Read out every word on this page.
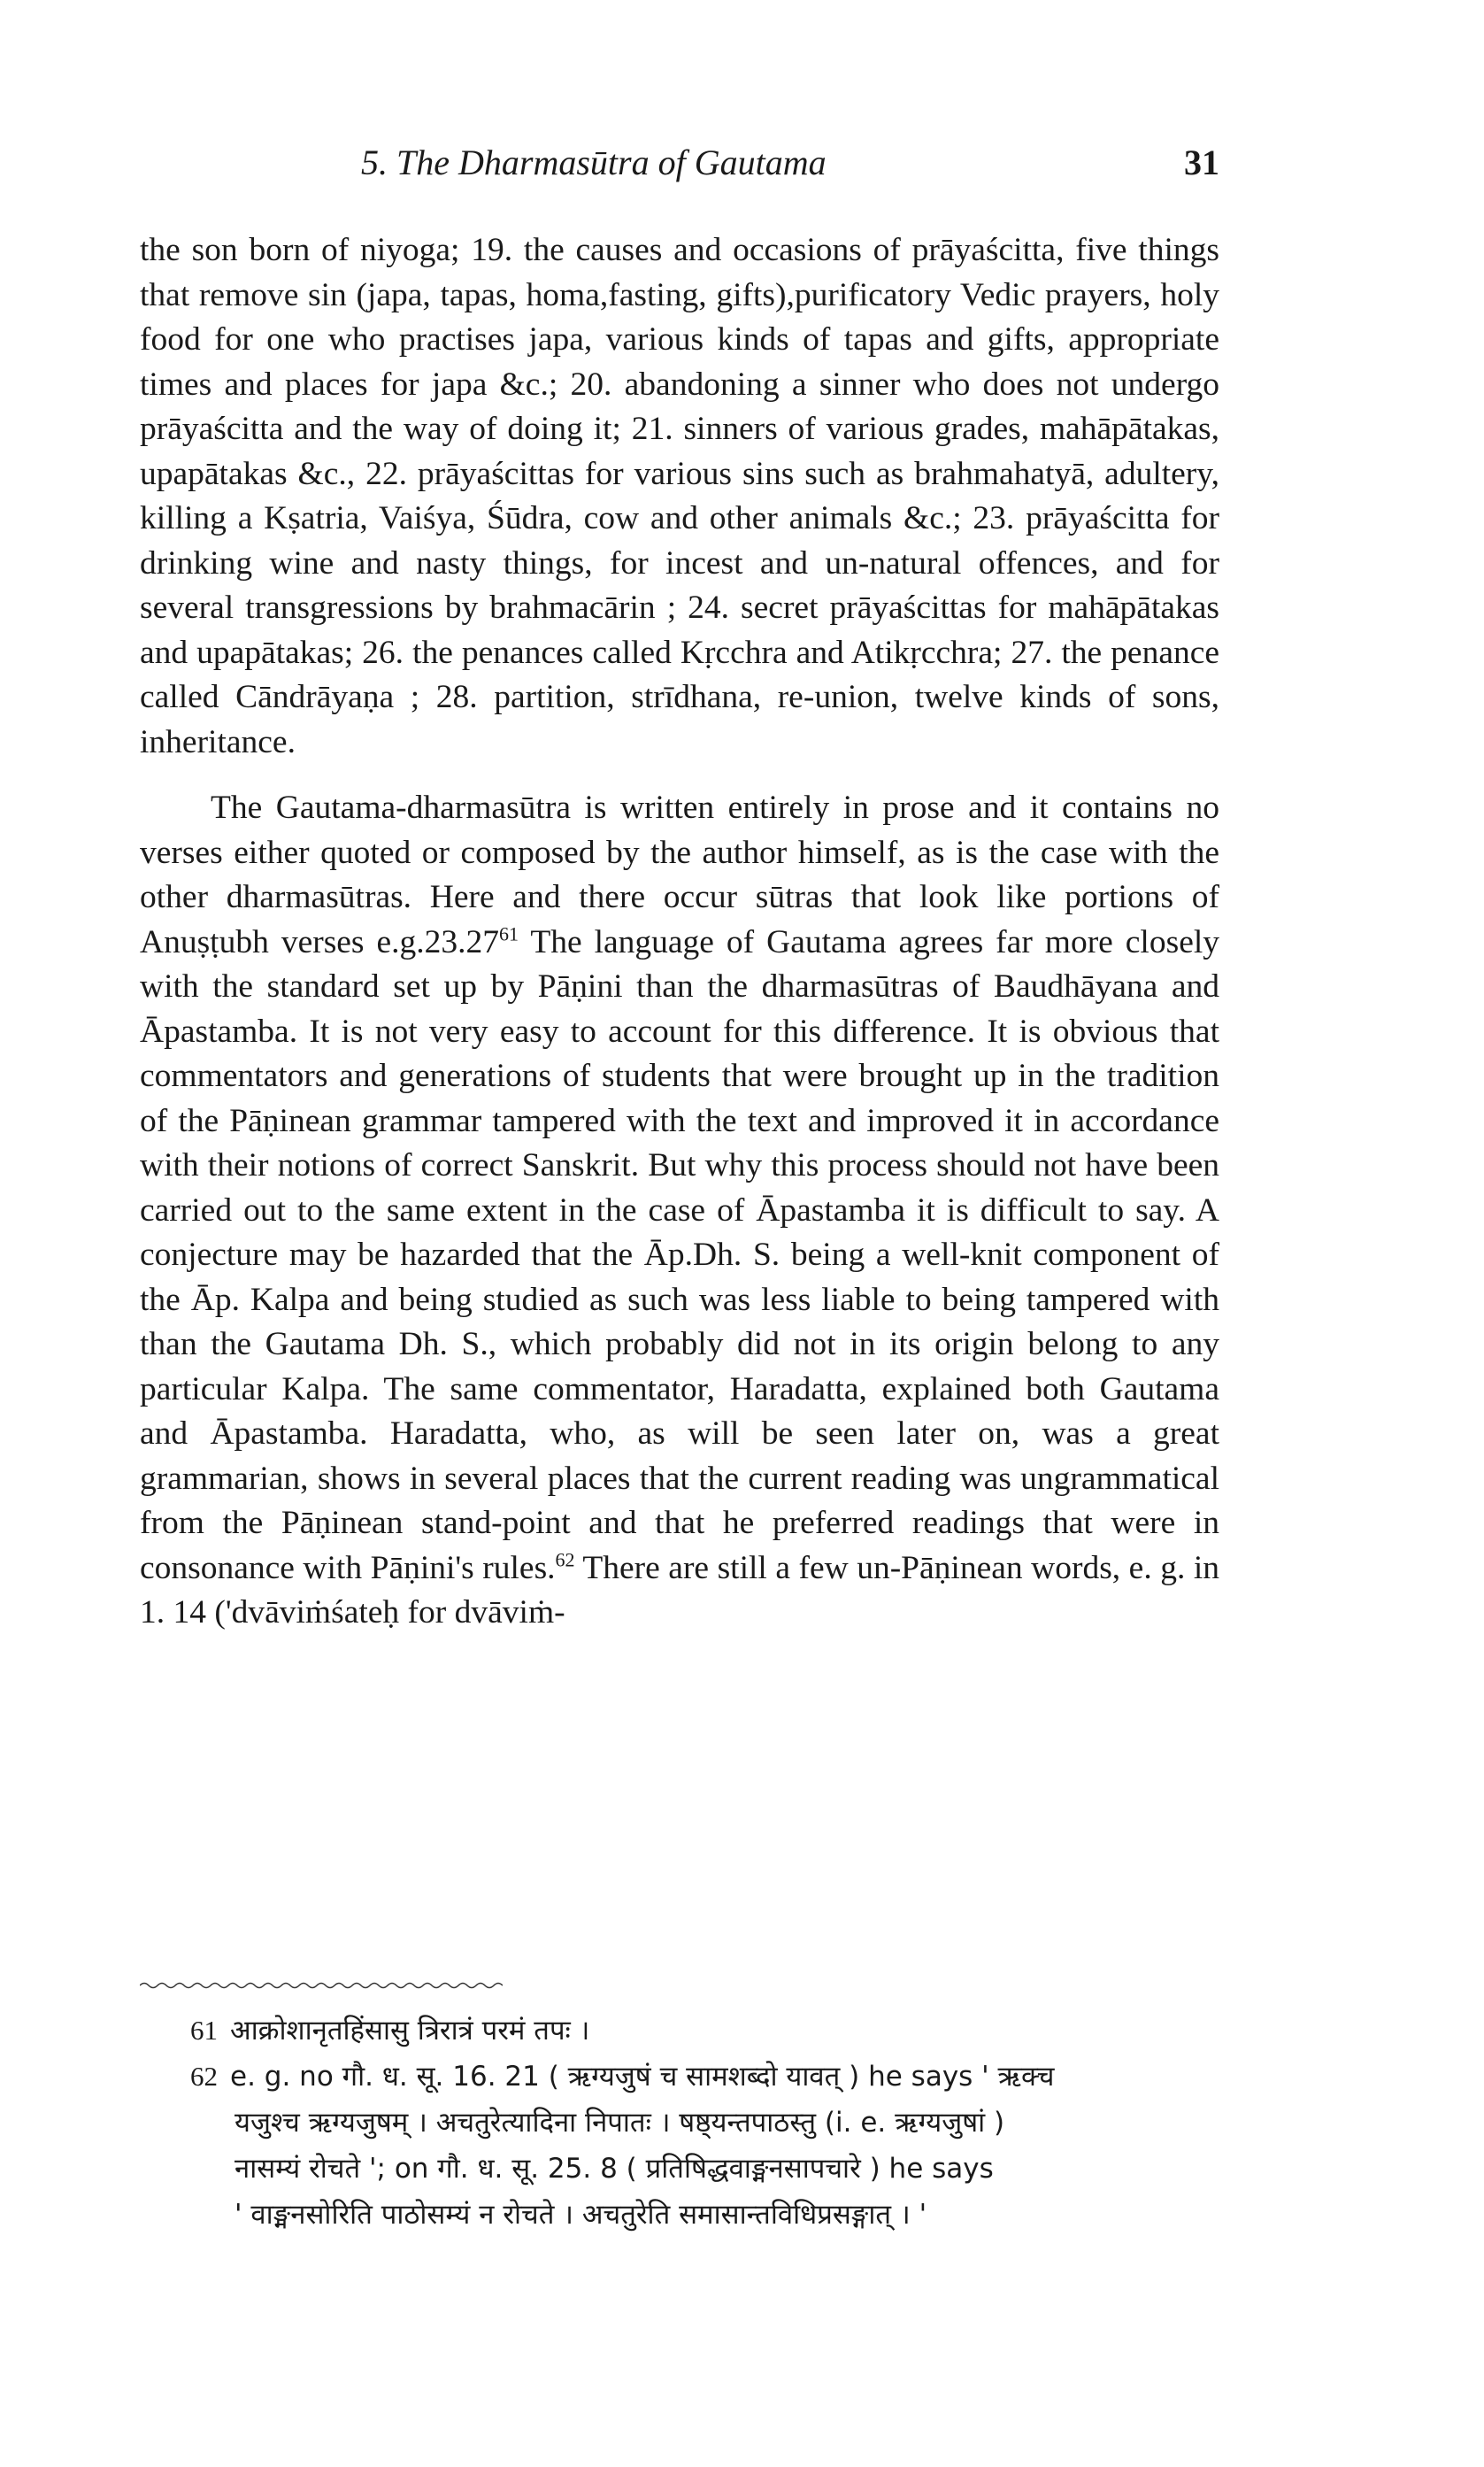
5. The Dharmasūtra of Gautama	31

the son born of niyoga; 19. the causes and occasions of prāyaścitta, five things that remove sin (japa, tapas, homa,fasting, gifts),purificatory Vedic prayers, holy food for one who practises japa, various kinds of tapas and gifts, appropriate times and places for japa &c.; 20. abandoning a sinner who does not undergo prāyaścitta and the way of doing it; 21. sinners of various grades, mahāpātakas, upapātakas &c., 22. prāyaścittas for various sins such as brahmahatyā, adultery, killing a Kṣatria, Vaiśya, Śūdra, cow and other animals &c.; 23. prāyaścitta for drinking wine and nasty things, for incest and un-natural offences, and for several transgressions by brahmacārin ; 24. secret prāyaścittas for mahāpātakas and upapātakas; 26. the penances called Kṛcchra and Atikṛcchra; 27. the penance called Cāndrāyaṇa ; 28. partition, strīdhana, re-union, twelve kinds of sons, inheritance.

The Gautama-dharmasūtra is written entirely in prose and it contains no verses either quoted or composed by the author himself, as is the case with the other dharmasūtras. Here and there occur sūtras that look like portions of Anuṣṭubh verses e.g.23.27$^{61}$ The language of Gautama agrees far more closely with the standard set up by Pāṇini than the dharmasūtras of Baudhāyana and Āpastamba. It is not very easy to account for this difference. It is obvious that commentators and generations of students that were brought up in the tradition of the Pāṇinean grammar tampered with the text and improved it in accordance with their notions of correct Sanskrit. But why this process should not have been carried out to the same extent in the case of Āpastamba it is difficult to say. A conjecture may be hazarded that the Āp.Dh. S. being a well-knit component of the Āp. Kalpa and being studied as such was less liable to being tampered with than the Gautama Dh. S., which probably did not in its origin belong to any particular Kalpa. The same commentator, Haradatta, explained both Gautama and Āpastamba. Haradatta, who, as will be seen later on, was a great grammarian, shows in several places that the current reading was ungrammatical from the Pāṇinean stand-point and that he preferred readings that were in consonance with Pāṇini's rules.$^{62}$ There are still a few un-Pāṇinean words, e. g. in 1. 14 ('dvāviṁśateḥ for dvāviṁ-

61 आक्रोशानृतहिंसासु त्रिरात्रं परमं तपः ।

62 e. g. no गौ. ध. सू. 16. 21 ( ऋग्यजुषं च सामशब्दो यावत् ) he says ' ऋक्च

यजुश्च ऋग्यजुषम् । अचतुरेत्यादिना निपातः । षष्ठ्यन्तपाठस्तु (i. e. ऋग्यजुषां )

नासम्यं रोचते '; on गौ. ध. सू. 25. 8 ( प्रतिषिद्धवाङ्मनसापचारे ) he says

' वाङ्मनसोरिति पाठोसम्यं न रोचते । अचतुरेति समासान्तविधिप्रसङ्गात् । '
